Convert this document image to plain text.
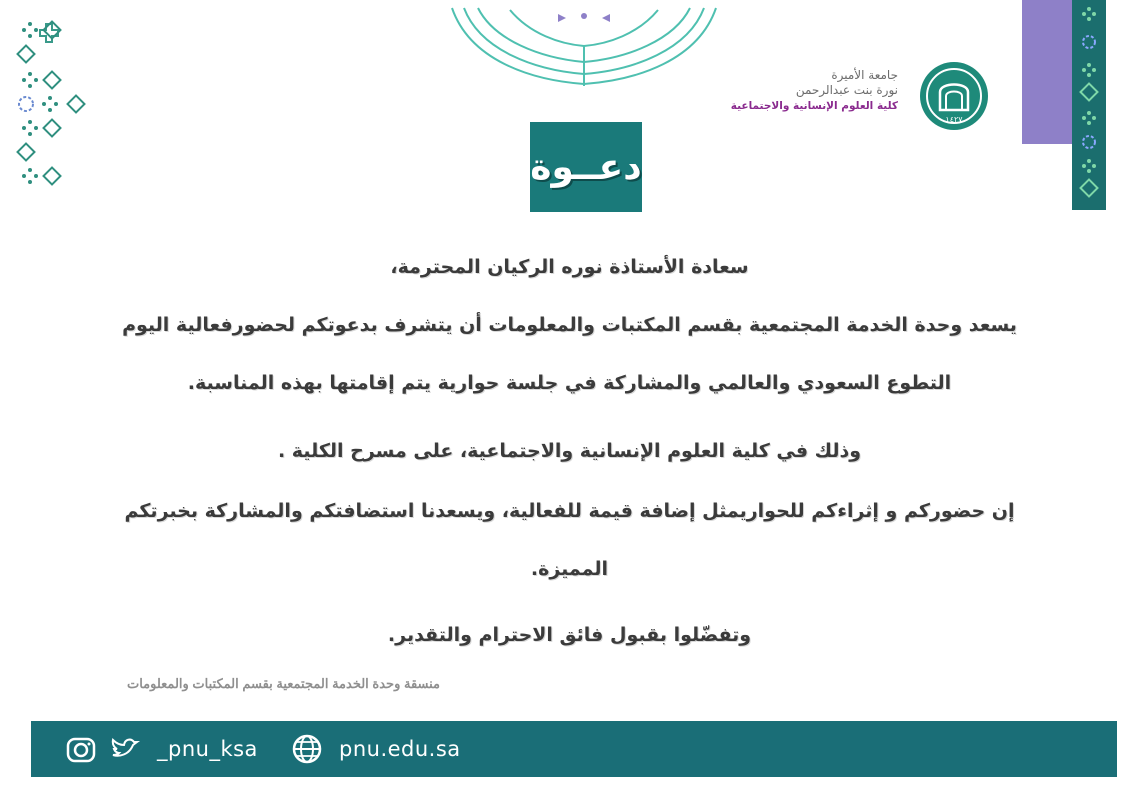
جامعة الأميرة
نورة بنت عبدالرحمن
كلية العلوم الإنسانية والاجتماعية
١٤٢٧
دعــوة
سعادة الأستاذة نوره الركيان المحترمة،
يسعد وحدة الخدمة المجتمعية بقسم المكتبات والمعلومات أن يتشرف بدعوتكم لحضورفعالية اليوم
التطوع السعودي والعالمي والمشاركة في جلسة حوارية يتم إقامتها بهذه المناسبة.
وذلك في كلية العلوم الإنسانية والاجتماعية، على مسرح الكلية .
إن حضوركم و إثراءكم للحواريمثل إضافة قيمة للفعالية، ويسعدنا استضافتكم والمشاركة بخبرتكم
المميزة.
وتفضّلوا بقبول فائق الاحترام والتقدير.
منسقة وحدة الخدمة المجتمعية بقسم المكتبات والمعلومات
_pnu_ksa	pnu.edu.sa
